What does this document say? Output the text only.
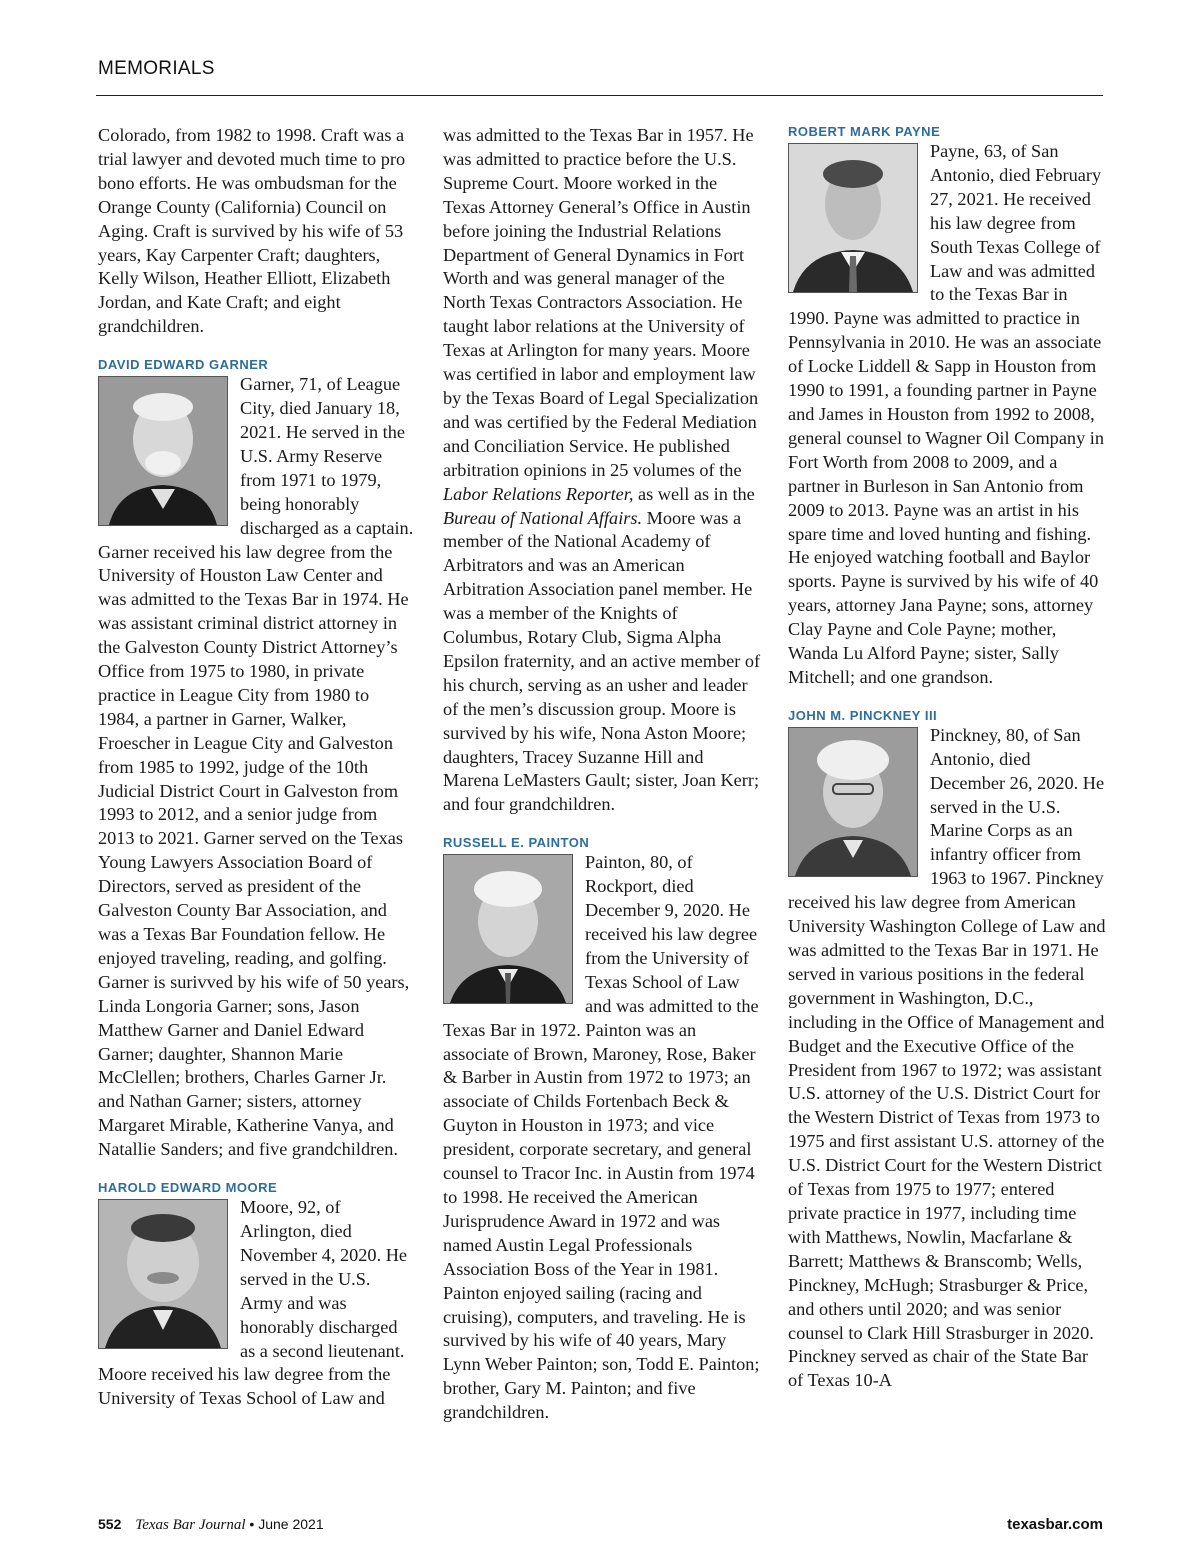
MEMORIALS

Colorado, from 1982 to 1998. Craft was a trial lawyer and devoted much time to pro bono efforts. He was ombudsman for the Orange County (California) Council on Aging. Craft is survived by his wife of 53 years, Kay Carpenter Craft; daughters, Kelly Wilson, Heather Elliott, Elizabeth Jordan, and Kate Craft; and eight grandchildren.

DAVID EDWARD GARNER

Garner, 71, of League City, died January 18, 2021. He served in the U.S. Army Reserve from 1971 to 1979, being honorably discharged as a captain. Garner received his law degree from the University of Houston Law Center and was admitted to the Texas Bar in 1974. He was assistant criminal district attorney in the Galveston County District Attorney’s Office from 1975 to 1980, in private practice in League City from 1980 to 1984, a partner in Garner, Walker, Froescher in League City and Galveston from 1985 to 1992, judge of the 10th Judicial District Court in Galveston from 1993 to 2012, and a senior judge from 2013 to 2021. Garner served on the Texas Young Lawyers Association Board of Directors, served as president of the Galveston County Bar Association, and was a Texas Bar Foundation fellow. He enjoyed traveling, reading, and golfing. Garner is surivved by his wife of 50 years, Linda Longoria Garner; sons, Jason Matthew Garner and Daniel Edward Garner; daughter, Shannon Marie McClellen; brothers, Charles Garner Jr. and Nathan Garner; sisters, attorney Margaret Mirable, Katherine Vanya, and Natallie Sanders; and five grandchildren.

HAROLD EDWARD MOORE

Moore, 92, of Arlington, died November 4, 2020. He served in the U.S. Army and was honorably discharged as a second lieutenant. Moore received his law degree from the University of Texas School of Law and

was admitted to the Texas Bar in 1957. He was admitted to practice before the U.S. Supreme Court. Moore worked in the Texas Attorney General’s Office in Austin before joining the Industrial Relations Department of General Dynamics in Fort Worth and was general manager of the North Texas Contractors Association. He taught labor relations at the University of Texas at Arlington for many years. Moore was certified in labor and employment law by the Texas Board of Legal Specialization and was certified by the Federal Mediation and Conciliation Service. He published arbitration opinions in 25 volumes of the Labor Relations Reporter, as well as in the Bureau of National Affairs. Moore was a member of the National Academy of Arbitrators and was an American Arbitration Association panel member. He was a member of the Knights of Columbus, Rotary Club, Sigma Alpha Epsilon fraternity, and an active member of his church, serving as an usher and leader of the men’s discussion group. Moore is survived by his wife, Nona Aston Moore; daughters, Tracey Suzanne Hill and Marena LeMasters Gault; sister, Joan Kerr; and four grandchildren.

RUSSELL E. PAINTON

Painton, 80, of Rockport, died December 9, 2020. He received his law degree from the University of Texas School of Law and was admitted to the Texas Bar in 1972. Painton was an associate of Brown, Maroney, Rose, Baker & Barber in Austin from 1972 to 1973; an associate of Childs Fortenbach Beck & Guyton in Houston in 1973; and vice president, corporate secretary, and general counsel to Tracor Inc. in Austin from 1974 to 1998. He received the American Jurisprudence Award in 1972 and was named Austin Legal Professionals Association Boss of the Year in 1981. Painton enjoyed sailing (racing and cruising), computers, and traveling. He is survived by his wife of 40 years, Mary Lynn Weber Painton; son, Todd E. Painton; brother, Gary M. Painton; and five grandchildren.

ROBERT MARK PAYNE

Payne, 63, of San Antonio, died February 27, 2021. He received his law degree from South Texas College of Law and was admitted to the Texas Bar in 1990. Payne was admitted to practice in Pennsylvania in 2010. He was an associate of Locke Liddell & Sapp in Houston from 1990 to 1991, a founding partner in Payne and James in Houston from 1992 to 2008, general counsel to Wagner Oil Company in Fort Worth from 2008 to 2009, and a partner in Burleson in San Antonio from 2009 to 2013. Payne was an artist in his spare time and loved hunting and fishing. He enjoyed watching football and Baylor sports. Payne is survived by his wife of 40 years, attorney Jana Payne; sons, attorney Clay Payne and Cole Payne; mother, Wanda Lu Alford Payne; sister, Sally Mitchell; and one grandson.

JOHN M. PINCKNEY III

Pinckney, 80, of San Antonio, died December 26, 2020. He served in the U.S. Marine Corps as an infantry officer from 1963 to 1967. Pinckney received his law degree from American University Washington College of Law and was admitted to the Texas Bar in 1971. He served in various positions in the federal government in Washington, D.C., including in the Office of Management and Budget and the Executive Office of the President from 1967 to 1972; was assistant U.S. attorney of the U.S. District Court for the Western District of Texas from 1973 to 1975 and first assistant U.S. attorney of the U.S. District Court for the Western District of Texas from 1975 to 1977; entered private practice in 1977, including time with Matthews, Nowlin, Macfarlane & Barrett; Matthews & Branscomb; Wells, Pinckney, McHugh; Strasburger & Price, and others until 2020; and was senior counsel to Clark Hill Strasburger in 2020. Pinckney served as chair of the State Bar of Texas 10-A

552 Texas Bar Journal • June 2021	texasbar.com
